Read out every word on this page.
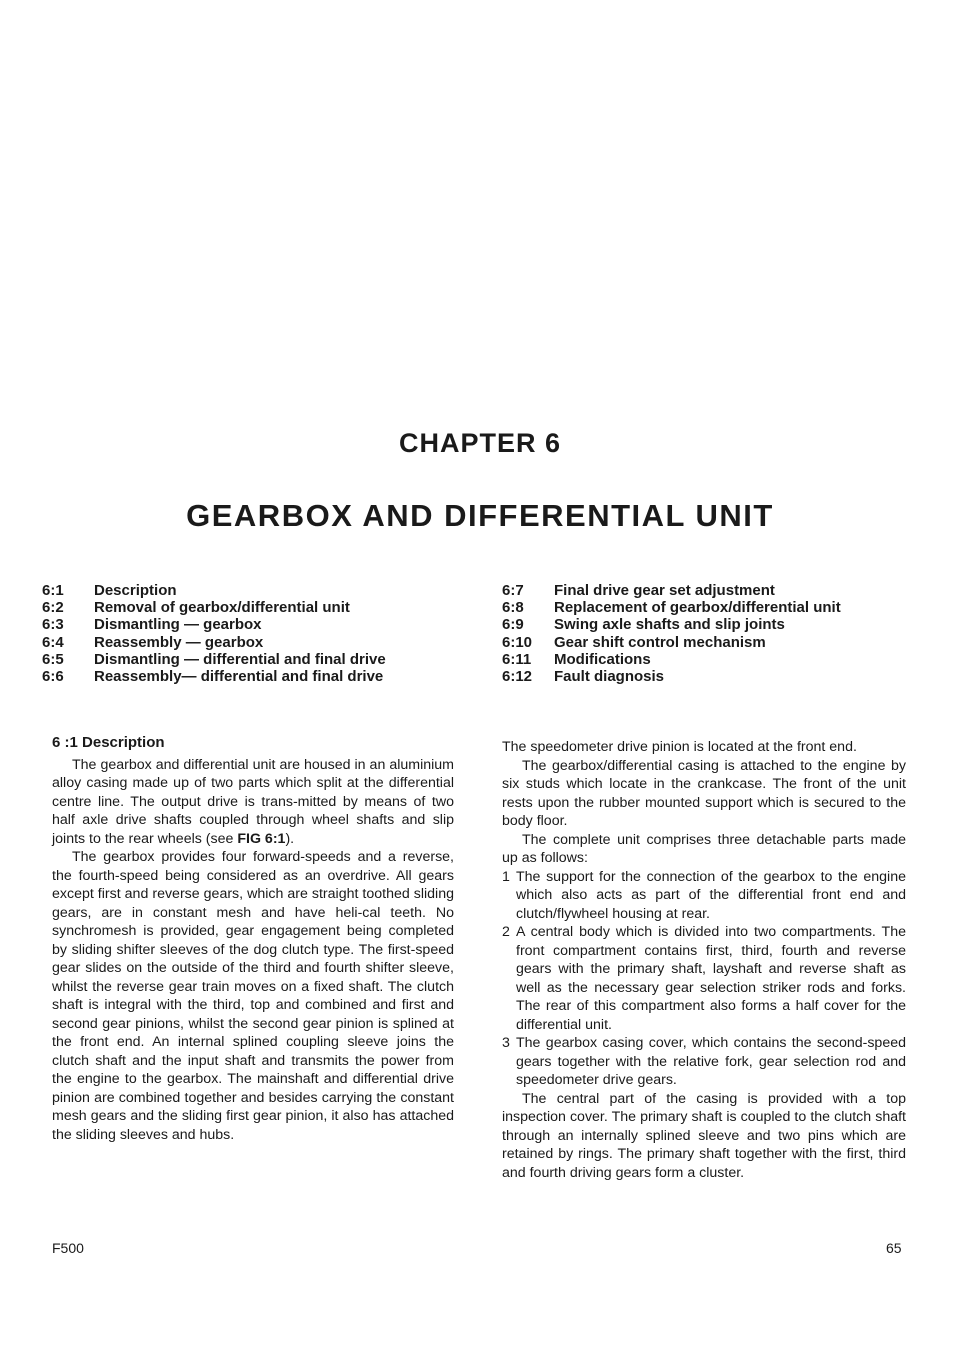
CHAPTER 6
GEARBOX AND DIFFERENTIAL UNIT
6:1	Description
6:2	Removal of gearbox/differential unit
6:3	Dismantling — gearbox
6:4	Reassembly — gearbox
6:5	Dismantling — differential and final drive
6:6	Reassembly— differential and final drive
6:7	Final drive gear set adjustment
6:8	Replacement of gearbox/differential unit
6:9	Swing axle shafts and slip joints
6:10	Gear shift control mechanism
6:11	Modifications
6:12	Fault diagnosis
6 :1 Description

The gearbox and differential unit are housed in an aluminium alloy casing made up of two parts which split at the differential centre line. The output drive is trans-mitted by means of two half axle drive shafts coupled through wheel shafts and slip joints to the rear wheels (see FIG 6:1).

The gearbox provides four forward-speeds and a reverse, the fourth-speed being considered as an overdrive. All gears except first and reverse gears, which are straight toothed sliding gears, are in constant mesh and have heli-cal teeth. No synchromesh is provided, gear engagement being completed by sliding shifter sleeves of the dog clutch type. The first-speed gear slides on the outside of the third and fourth shifter sleeve, whilst the reverse gear train moves on a fixed shaft. The clutch shaft is integral with the third, top and combined and first and second gear pinions, whilst the second gear pinion is splined at the front end. An internal splined coupling sleeve joins the clutch shaft and the input shaft and transmits the power from the engine to the gearbox. The mainshaft and differential drive pinion are combined together and besides carrying the constant mesh gears and the sliding first gear pinion, it also has attached the sliding sleeves and hubs.

The speedometer drive pinion is located at the front end.

The gearbox/differential casing is attached to the engine by six studs which locate in the crankcase. The front of the unit rests upon the rubber mounted support which is secured to the body floor.

The complete unit comprises three detachable parts made up as follows:

1 The support for the connection of the gearbox to the engine which also acts as part of the differential front end and clutch/flywheel housing at rear.
2 A central body which is divided into two compartments. The front compartment contains first, third, fourth and reverse gears with the primary shaft, layshaft and reverse shaft as well as the necessary gear selection striker rods and forks. The rear of this compartment also forms a half cover for the differential unit.
3 The gearbox casing cover, which contains the second-speed gears together with the relative fork, gear selection rod and speedometer drive gears.

The central part of the casing is provided with a top inspection cover. The primary shaft is coupled to the clutch shaft through an internally splined sleeve and two pins which are retained by rings. The primary shaft together with the first, third and fourth driving gears form a cluster.

F500	65
